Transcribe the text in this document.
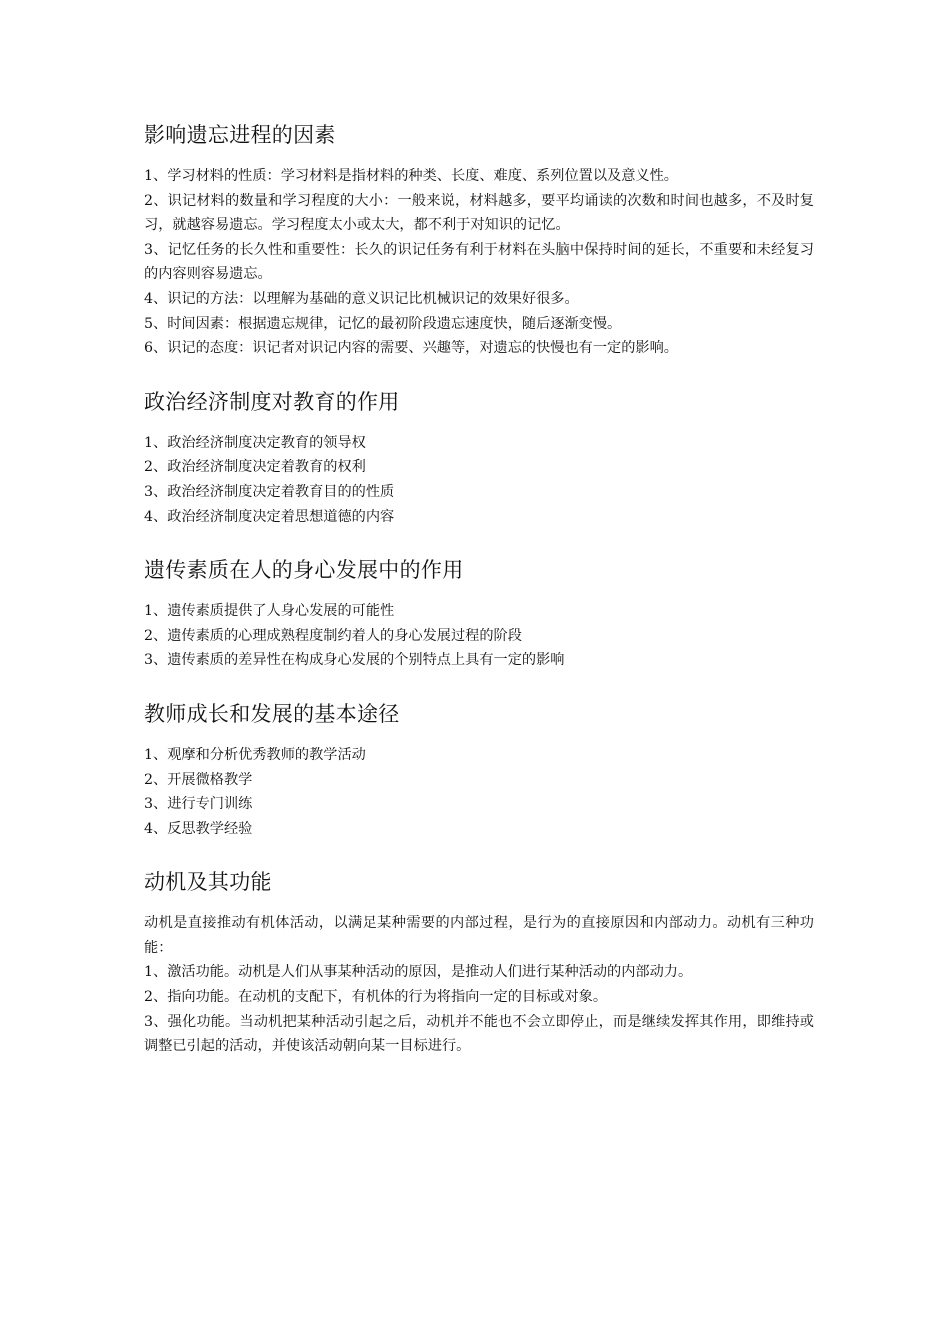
影响遗忘进程的因素

1、学习材料的性质：学习材料是指材料的种类、长度、难度、系列位置以及意义性。

2、识记材料的数量和学习程度的大小：一般来说，材料越多，要平均诵读的次数和时间也越多，不及时复习，就越容易遗忘。学习程度太小或太大，都不利于对知识的记忆。

3、记忆任务的长久性和重要性：长久的识记任务有利于材料在头脑中保持时间的延长，不重要和未经复习的内容则容易遗忘。

4、识记的方法：以理解为基础的意义识记比机械识记的效果好很多。

5、时间因素：根据遗忘规律，记忆的最初阶段遗忘速度快，随后逐渐变慢。

6、识记的态度：识记者对识记内容的需要、兴趣等，对遗忘的快慢也有一定的影响。

政治经济制度对教育的作用

1、政治经济制度决定教育的领导权

2、政治经济制度决定着教育的权利

3、政治经济制度决定着教育目的的性质

4、政治经济制度决定着思想道德的内容

遗传素质在人的身心发展中的作用

1、遗传素质提供了人身心发展的可能性

2、遗传素质的心理成熟程度制约着人的身心发展过程的阶段

3、遗传素质的差异性在构成身心发展的个别特点上具有一定的影响

教师成长和发展的基本途径

1、观摩和分析优秀教师的教学活动

2、开展微格教学

3、进行专门训练

4、反思教学经验

动机及其功能

动机是直接推动有机体活动，以满足某种需要的内部过程，是行为的直接原因和内部动力。动机有三种功能：

1、激活功能。动机是人们从事某种活动的原因，是推动人们进行某种活动的内部动力。

2、指向功能。在动机的支配下，有机体的行为将指向一定的目标或对象。

3、强化功能。当动机把某种活动引起之后，动机并不能也不会立即停止，而是继续发挥其作用，即维持或调整已引起的活动，并使该活动朝向某一目标进行。
